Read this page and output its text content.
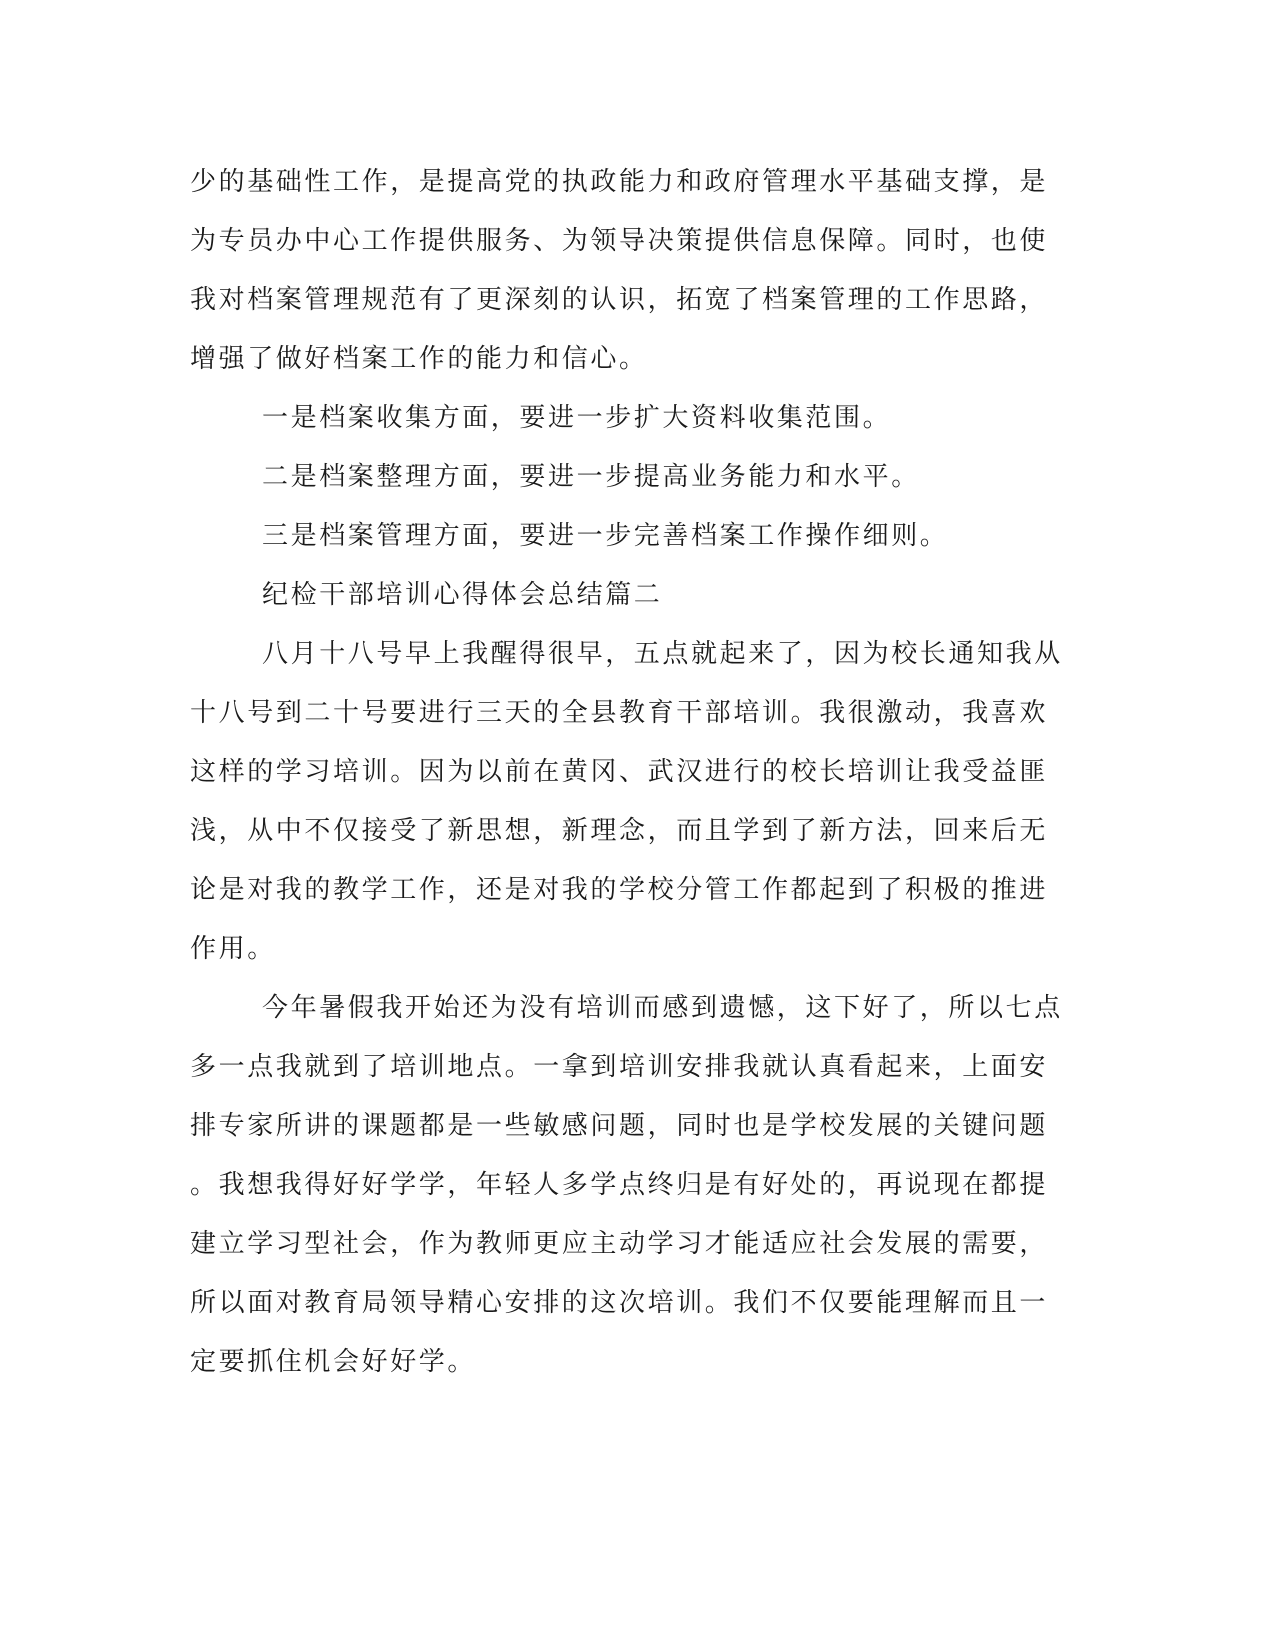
少的基础性工作，是提高党的执政能力和政府管理水平基础支撑，是
为专员办中心工作提供服务、为领导决策提供信息保障。同时，也使
我对档案管理规范有了更深刻的认识，拓宽了档案管理的工作思路，
增强了做好档案工作的能力和信心。
一是档案收集方面，要进一步扩大资料收集范围。
二是档案整理方面，要进一步提高业务能力和水平。
三是档案管理方面，要进一步完善档案工作操作细则。
纪检干部培训心得体会总结篇二
八月十八号早上我醒得很早，五点就起来了，因为校长通知我从
十八号到二十号要进行三天的全县教育干部培训。我很激动，我喜欢
这样的学习培训。因为以前在黄冈、武汉进行的校长培训让我受益匪
浅，从中不仅接受了新思想，新理念，而且学到了新方法，回来后无
论是对我的教学工作，还是对我的学校分管工作都起到了积极的推进
作用。
今年暑假我开始还为没有培训而感到遗憾，这下好了，所以七点
多一点我就到了培训地点。一拿到培训安排我就认真看起来，上面安
排专家所讲的课题都是一些敏感问题，同时也是学校发展的关键问题
。我想我得好好学学，年轻人多学点终归是有好处的，再说现在都提
建立学习型社会，作为教师更应主动学习才能适应社会发展的需要，
所以面对教育局领导精心安排的这次培训。我们不仅要能理解而且一
定要抓住机会好好学。
